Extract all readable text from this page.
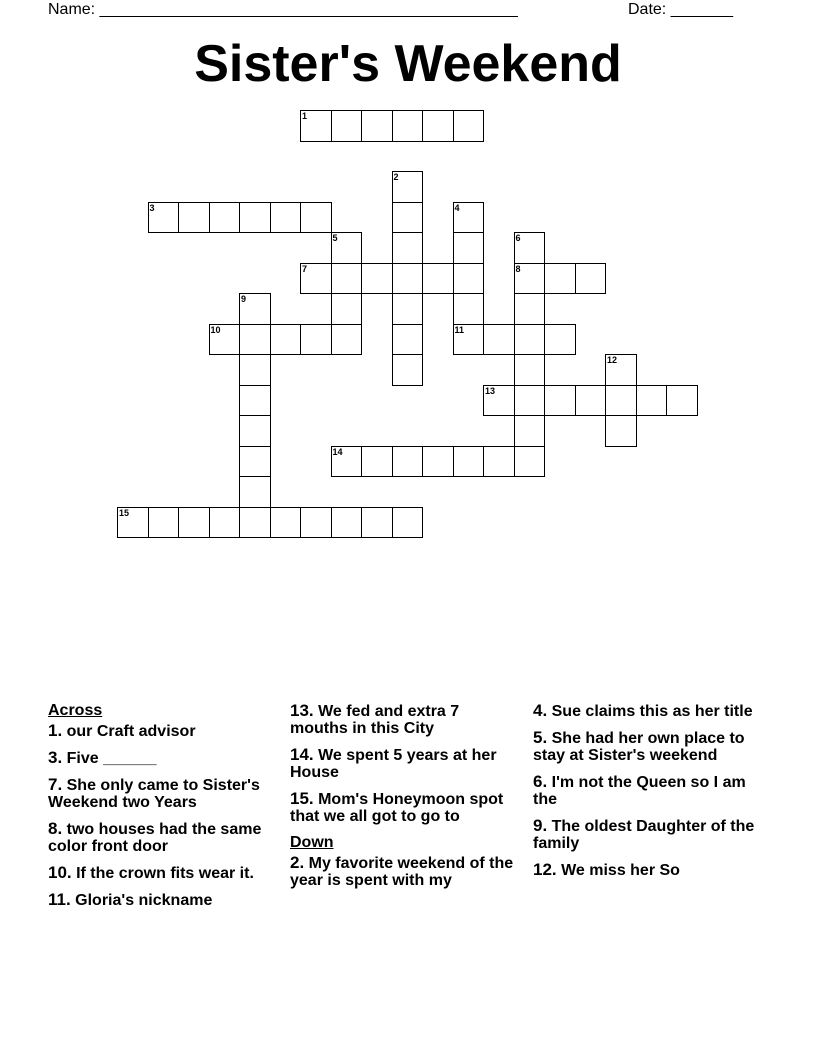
Name: _______________________________________________	Date: _______
Sister's Weekend
1
3
7	8
10	11
13
14
15
2
4
5	6
9
12
Across
1. our Craft advisor
3. Five ______
7. She only came to Sister's Weekend two Years
8. two houses had the same color front door
10. If the crown fits wear it.
11. Gloria's nickname
13. We fed and extra 7 mouths in this City
14. We spent 5 years at her House
15. Mom's Honeymoon spot that we all got to go to
Down
2. My favorite weekend of the year is spent with my
4. Sue claims this as her title
5. She had her own place to stay at Sister's weekend
6. I'm not the Queen so I am the
9. The oldest Daughter of the family
12. We miss her So
